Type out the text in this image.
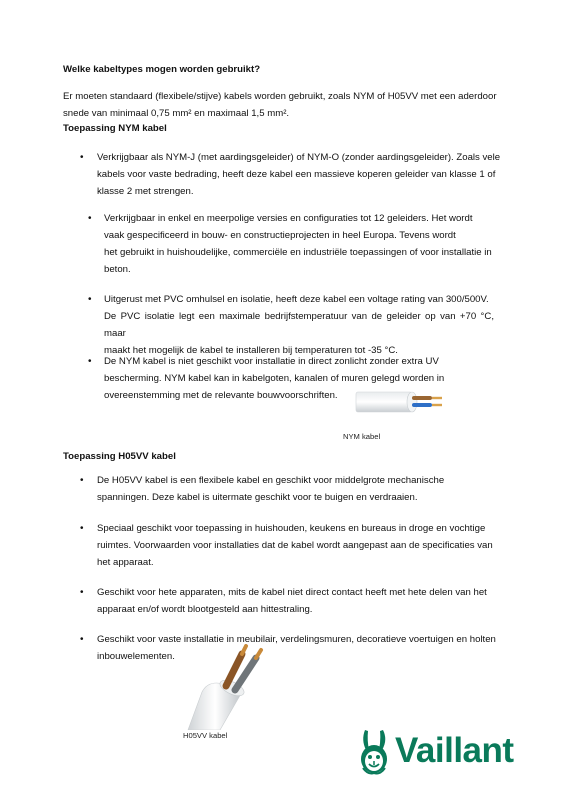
Welke kabeltypes mogen worden gebruikt?
Er moeten standaard (flexibele/stijve) kabels worden gebruikt, zoals NYM of H05VV met een aderdoor
snede van minimaal 0,75 mm² en maximaal 1,5 mm².
Toepassing NYM kabel
• Verkrijgbaar als NYM-J (met aardingsgeleider) of NYM-O (zonder aardingsgeleider). Zoals vele
kabels voor vaste bedrading, heeft deze kabel een massieve koperen geleider van klasse 1 of
klasse 2 met strengen.
• Verkrijgbaar in enkel en meerpolige versies en configuraties tot 12 geleiders. Het wordt
vaak gespecificeerd in bouw- en constructieprojecten in heel Europa. Tevens wordt
het gebruikt in huishoudelijke, commerciële en industriële toepassingen of voor installatie in
beton.
• Uitgerust met PVC omhulsel en isolatie, heeft deze kabel een voltage rating van 300/500V.
De PVC isolatie legt een maximale bedrijfstemperatuur van de geleider op van +70 °C, maar
maakt het mogelijk de kabel te installeren bij temperaturen tot -35 °C.
• De NYM kabel is niet geschikt voor installatie in direct zonlicht zonder extra UV
bescherming. NYM kabel kan in kabelgoten, kanalen of muren gelegd worden in
overeenstemming met de relevante bouwvoorschriften.
NYM kabel
Toepassing H05VV kabel
• De H05VV kabel is een flexibele kabel en geschikt voor middelgrote mechanische
spanningen. Deze kabel is uitermate geschikt voor te buigen en verdraaien.
• Speciaal geschikt voor toepassing in huishouden, keukens en bureaus in droge en vochtige
ruimtes. Voorwaarden voor installaties dat de kabel wordt aangepast aan de specificaties van
het apparaat.
• Geschikt voor hete apparaten, mits de kabel niet direct contact heeft met hete delen van het
apparaat en/of wordt blootgesteld aan hittestraling.
• Geschikt voor vaste installatie in meubilair, verdelingsmuren, decoratieve voertuigen en holten
inbouwelementen.
H05VV kabel	Vaillant
